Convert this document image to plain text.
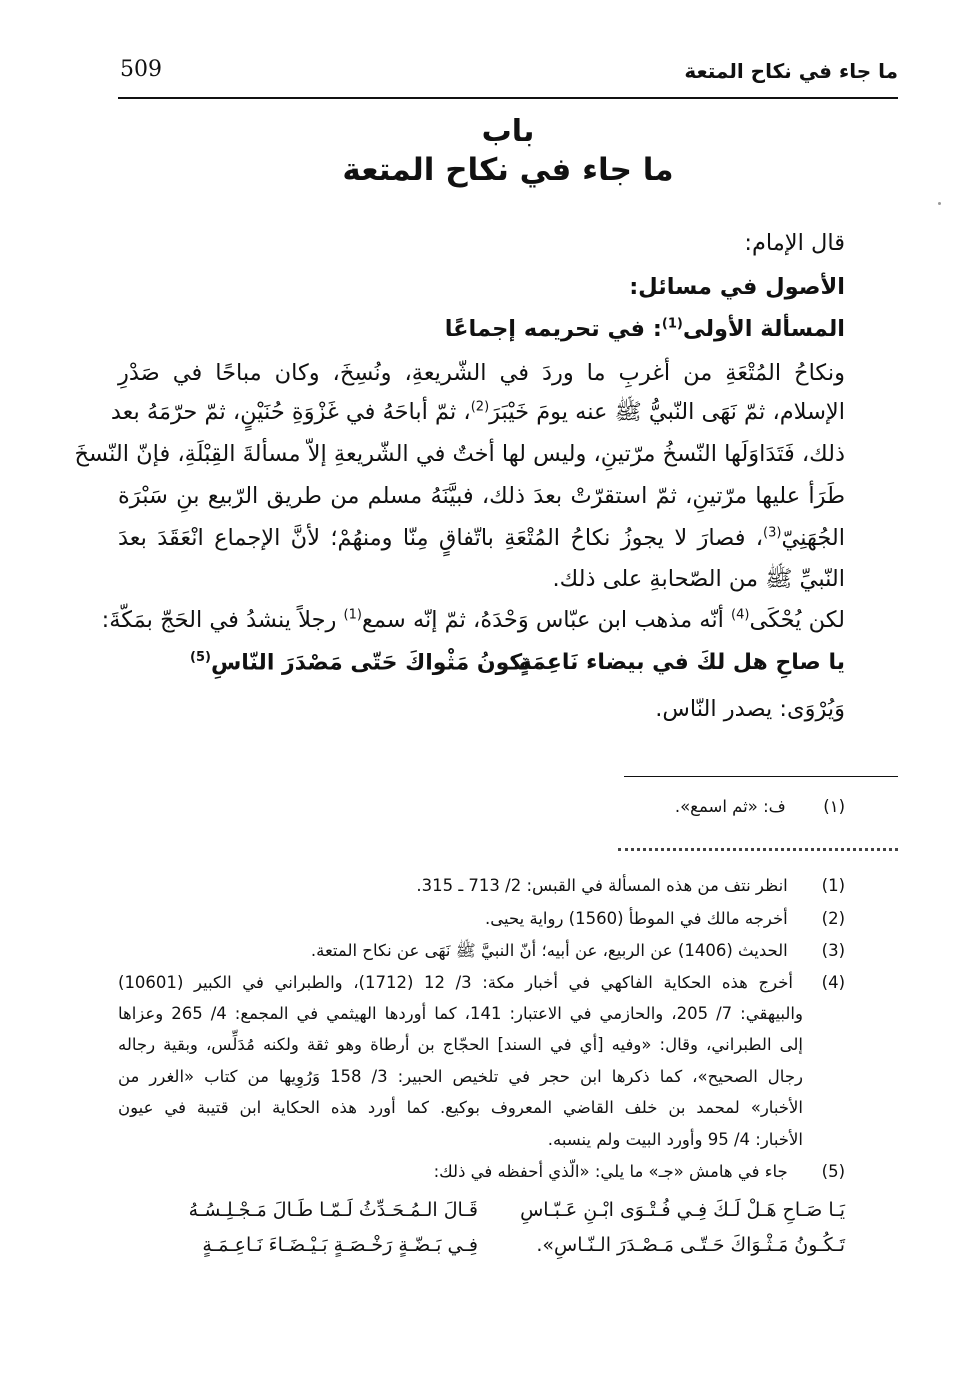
509	ما جاء في نكاح المتعة
باب
ما جاء في نكاح المتعة
قال الإمام:
الأصول في مسائل:
المسألة الأولى$^{(1)}$: في تحريمه إجماعًا
ونكاحُ المُتْعَةِ من أغربِ ما وردَ في الشّريعةِ، ونُسِخَ، وكان مباحًا في صَدْرِ
الإسلام، ثمّ نَهَى النّبيُّ ﷺ عنه يومَ خَيْبَرَ$^{(2)}$، ثمّ أباحَهُ في غَزْوَةِ حُنَيْنٍ، ثمّ حرّمَهُ بعد
ذلك، فَتَدَاوَلَها النّسخُ مرّتينِ، وليس لها أختٌ في الشّريعةِ إلاّ مسألةَ القِبْلَةِ، فإنّ النّسخَ
طَرَأ عليها مرّتينِ، ثمّ استقرّتْ بعدَ ذلك، فبيَّنَهُ مسلم من طريق الرّبيع بنِ سَبْرَة
الجُهَنِيّ$^{(3)}$، فصارَ لا يجوزُ نكاحُ المُتْعَةِ باتّفاقٍ مِنّا ومنهُمْ؛ لأنَّ الإجماع انْعَقَدَ بعدَ
النّبيِّ ﷺ من الصّحابةِ على ذلك.
لكن يُحْكَى$^{(4)}$ أنّه مذهب ابن عبّاس وَحْدَهُ، ثمّ إنّه سمع$^{(1)}$ رجلاً ينشدُ في الحَجّ بمَكّةَ:
يا صاحِ هل لكَ في بيضاء نَاعِمَةٍ
تكونُ مَثْواكَ حَتّى مَصْدَرَ النّاسِ$^{(5)}$
وَيُرْوَى: يصدر النّاس.
(١) ف: «ثم اسمع».
(1) انظر نتف من هذه المسألة في القبس: 2/ 713 ـ 315.
(2) أخرجه مالك في الموطأ (1560) رواية يحيى.
(3) الحديث (1406) عن الربيع، عن أبيه؛ أنّ النبيَّ ﷺ نَهَى عن نكاح المتعة.
(4)
أخرج هذه الحكاية الفاكهي في أخبار مكة: 3/ 12 (1712)، والطبراني في الكبير (10601)
والبيهقي: 7/ 205، والحازمي في الاعتبار: 141، كما أوردها الهيثمي في المجمع: 4/ 265 وعزاها
إلى الطبراني، وقال: «وفيه [أي في السند] الحجّاج بن أرطاة وهو ثقة ولكنه مُدَلِّس، وبقية رجاله
رجال الصحيح»، كما ذكرها ابن حجر في تلخيص الحبير: 3/ 158 وَرُوِيها من كتاب «الغرر من
الأخبار» لمحمد بن خلف القاضي المعروف بوكيع. كما أورد هذه الحكاية ابن قتيبة في عيون
الأخبار: 4/ 95 وأورد البيت ولم ينسبه.
(5) جاء في هامش «جـ» ما يلي: «الّذي أحفظه في ذلك:
يَـا صَـاحِ هَـلْ لَـكَ فِـي فُـتْـوَى ابْـنِ عَـبّـاسِ
قَـالَ الـمُـحَـدِّثُ لَـمّـا طَـالَ مَـجْـلِـسُـهُ
تَـكُـونُ مَـثْـوَاكَ حَـتّـى مَـصْـدَرَ الـنّـاسِ».
فِـي بَـضّـةٍ رَخْـصَـةٍ بَـيْـضَـاءَ نَـاعِـمَـةٍ
